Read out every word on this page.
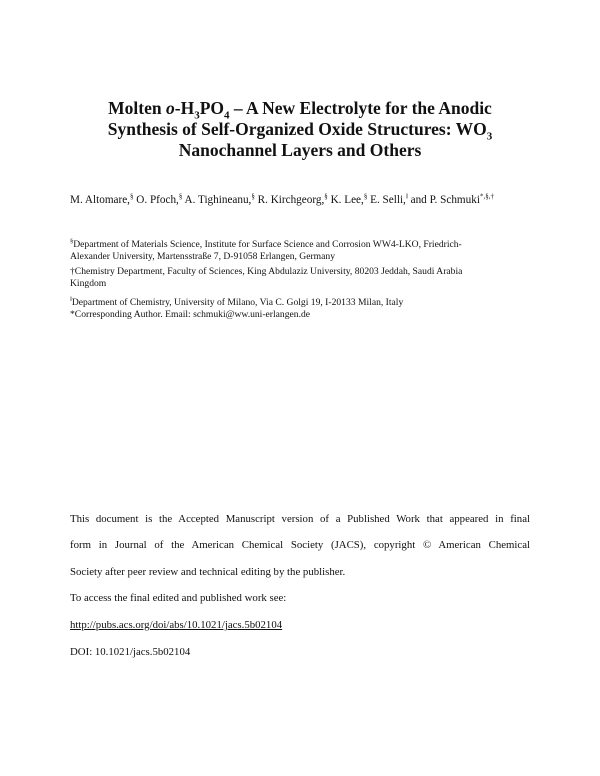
Molten $o-H_3PO_4$ – A New Electrolyte for the Anodic
Synthesis of Self-Organized Oxide Structures: $WO_3$
Nanochannel Layers and Others
M. Altomare,§ O. Pfoch,§ A. Tighineanu,§ R. Kirchgeorg,§ K. Lee,§ E. Selli,$^ǁ$ and P. Schmuki*,§,†
§Department of Materials Science, Institute for Surface Science and Corrosion WW4-LKO, Friedrich-
Alexander University, Martensstraße 7, D-91058 Erlangen, Germany
†Chemistry Department, Faculty of Sciences, King Abdulaziz University, 80203 Jeddah, Saudi Arabia
Kingdom
$^ǁ$Department of Chemistry, University of Milano, Via C. Golgi 19, I-20133 Milan, Italy
*Corresponding Author. Email: schmuki@ww.uni-erlangen.de
This document is the Accepted Manuscript version of a Published Work that appeared in final
form in Journal of the American Chemical Society (JACS), copyright © American Chemical
Society after peer review and technical editing by the publisher.
To access the final edited and published work see:
http://pubs.acs.org/doi/abs/10.1021/jacs.5b02104
DOI: 10.1021/jacs.5b02104
